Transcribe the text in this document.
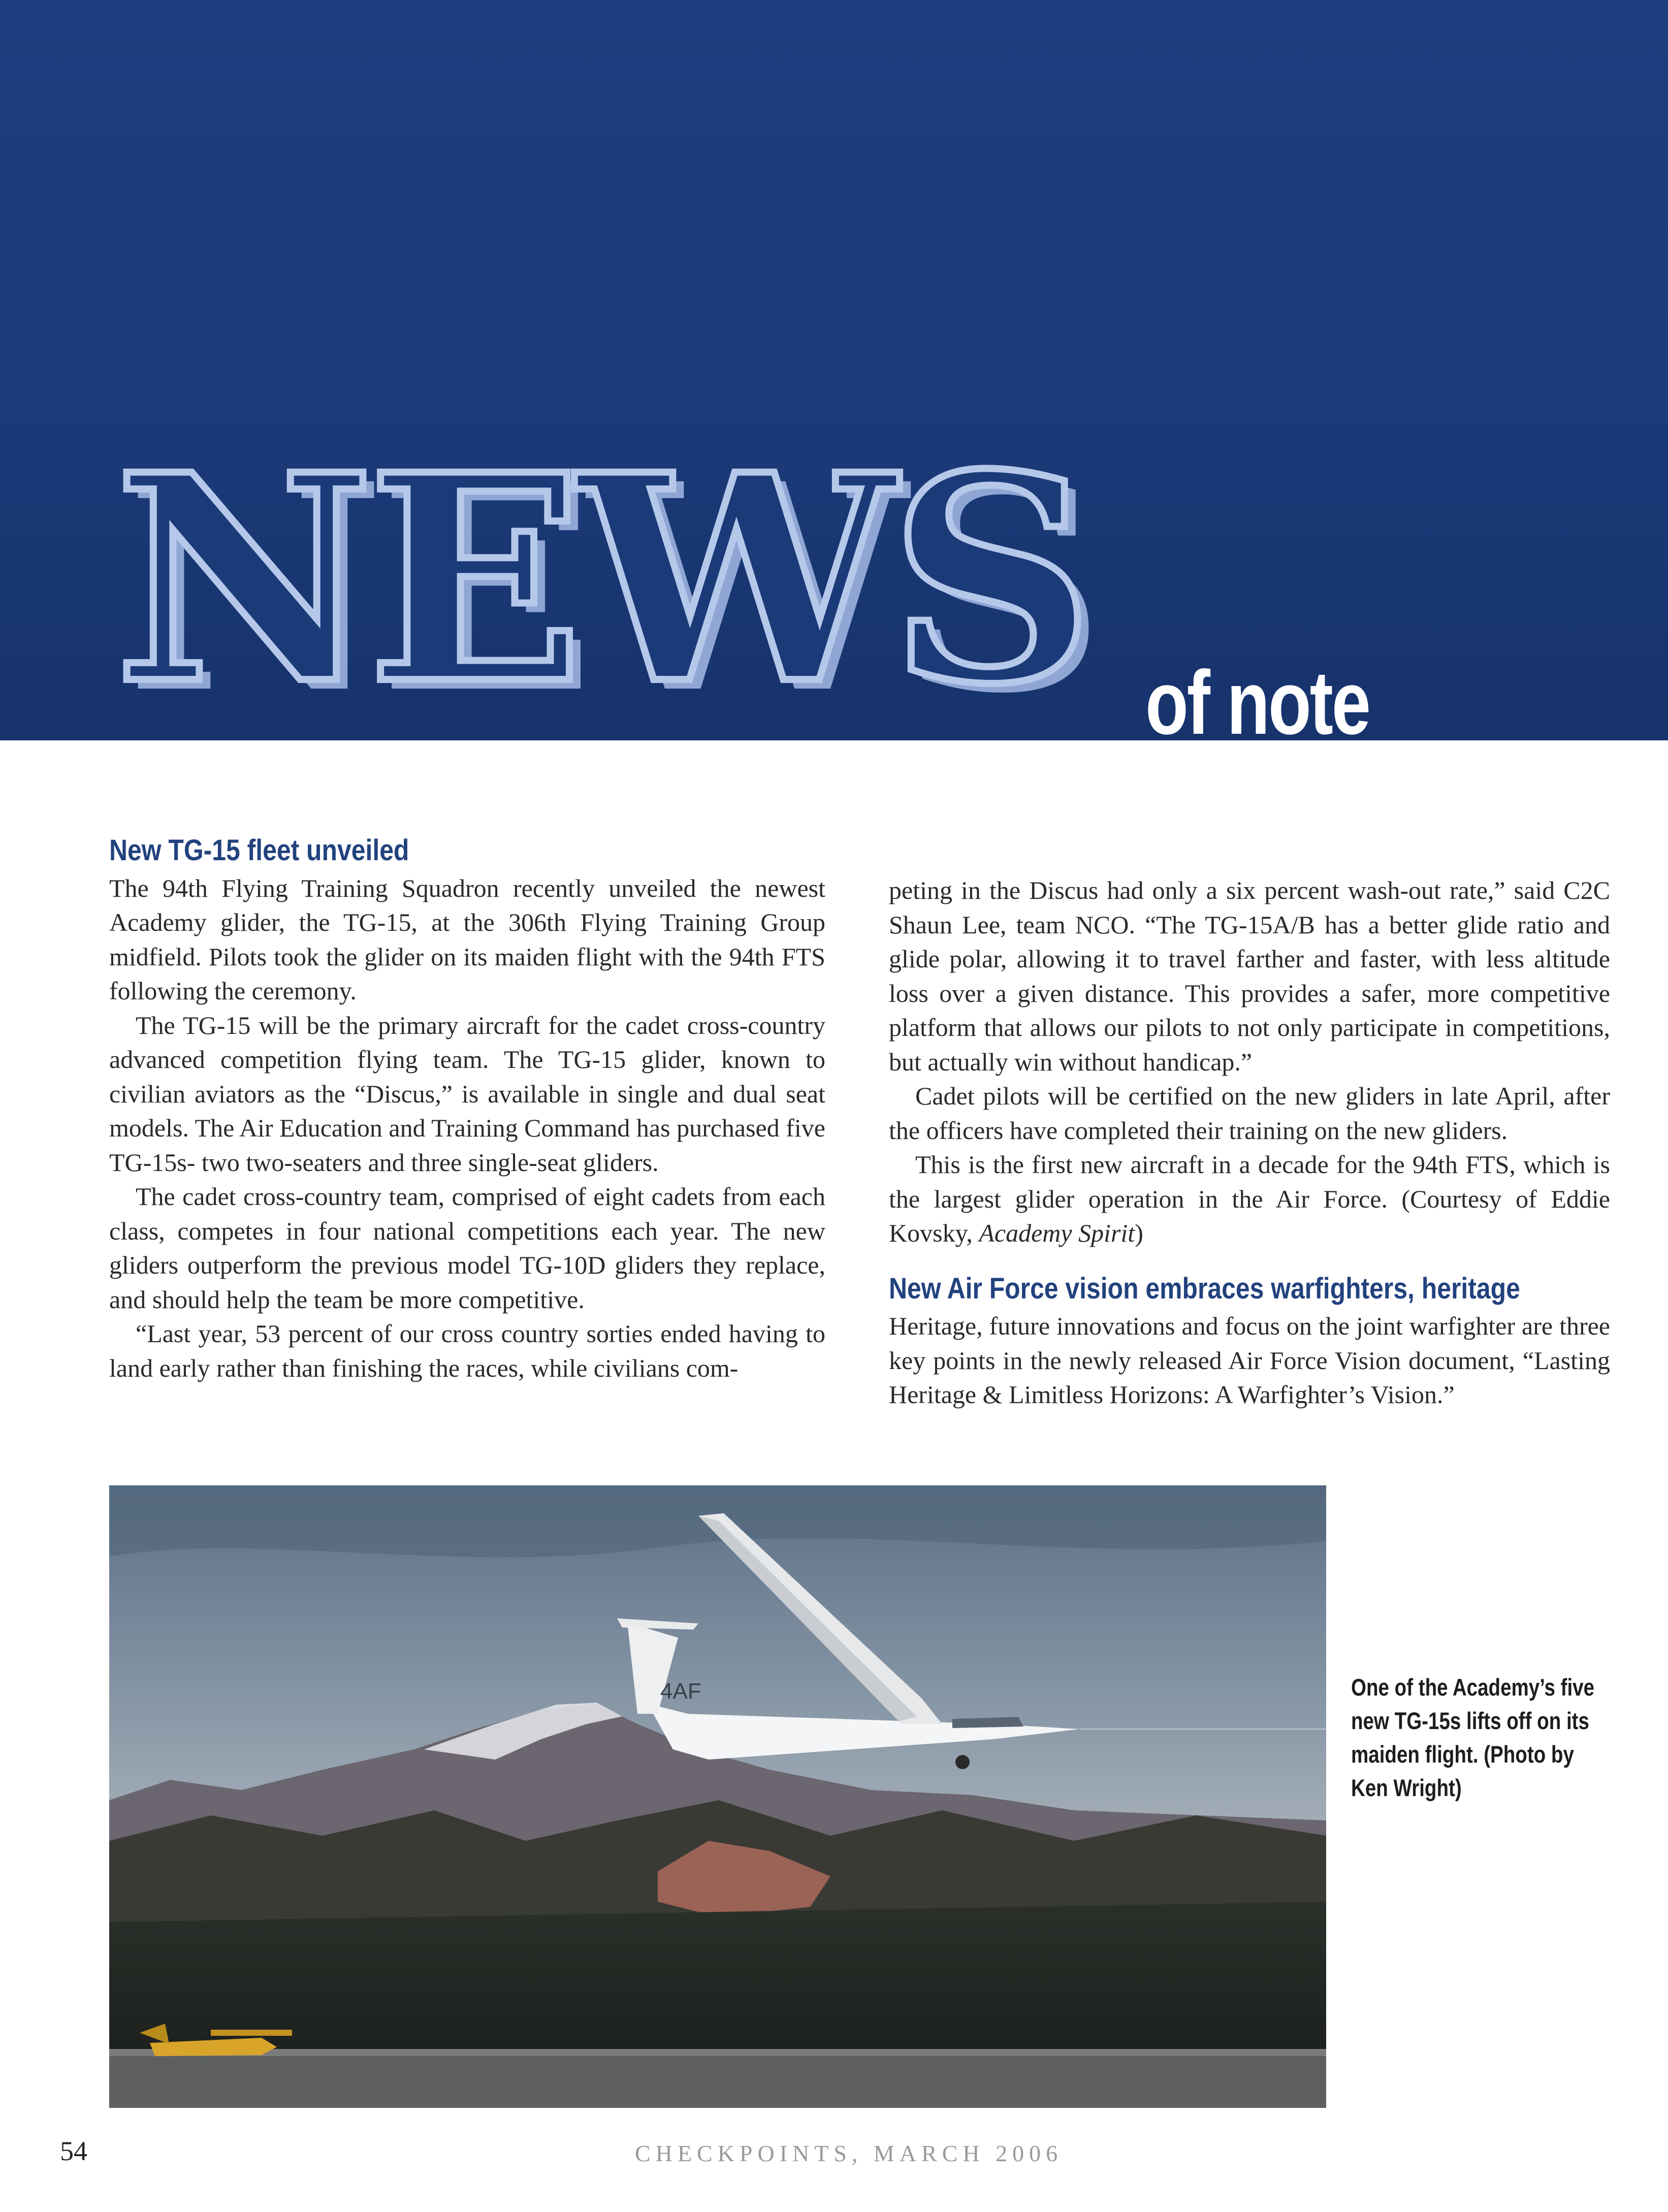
NEWS of note
New TG-15 fleet unveiled

The 94th Flying Training Squadron recently unveiled the newest Academy glider, the TG-15, at the 306th Flying Training Group midfield. Pilots took the glider on its maiden flight with the 94th FTS following the ceremony.

The TG-15 will be the primary aircraft for the cadet cross-country advanced competition flying team. The TG-15 glider, known to civilian aviators as the “Discus,” is available in single and dual seat models. The Air Education and Training Command has purchased five TG-15s- two two-seaters and three single-seat gliders.

The cadet cross-country team, comprised of eight cadets from each class, competes in four national competitions each year. The new gliders outperform the previous model TG-10D gliders they replace, and should help the team be more competitive.

“Last year, 53 percent of our cross country sorties ended having to land early rather than finishing the races, while civilians com-

peting in the Discus had only a six percent wash-out rate,” said C2C Shaun Lee, team NCO. “The TG-15A/B has a better glide ratio and glide polar, allowing it to travel farther and faster, with less altitude loss over a given distance. This provides a safer, more competitive platform that allows our pilots to not only participate in competitions, but actually win without handicap.”

Cadet pilots will be certified on the new gliders in late April, after the officers have completed their training on the new gliders.

This is the first new aircraft in a decade for the 94th FTS, which is the largest glider operation in the Air Force. (Courtesy of Eddie Kovsky, Academy Spirit)

New Air Force vision embraces warfighters, heritage

Heritage, future innovations and focus on the joint warfighter are three key points in the newly released Air Force Vision document, “Lasting Heritage & Limitless Horizons: A Warfighter’s Vision.”

4AF	One of the Academy’s five
new TG-15s lifts off on its
maiden flight. (Photo by
Ken Wright)
54	CHECKPOINTS, MARCH 2006
